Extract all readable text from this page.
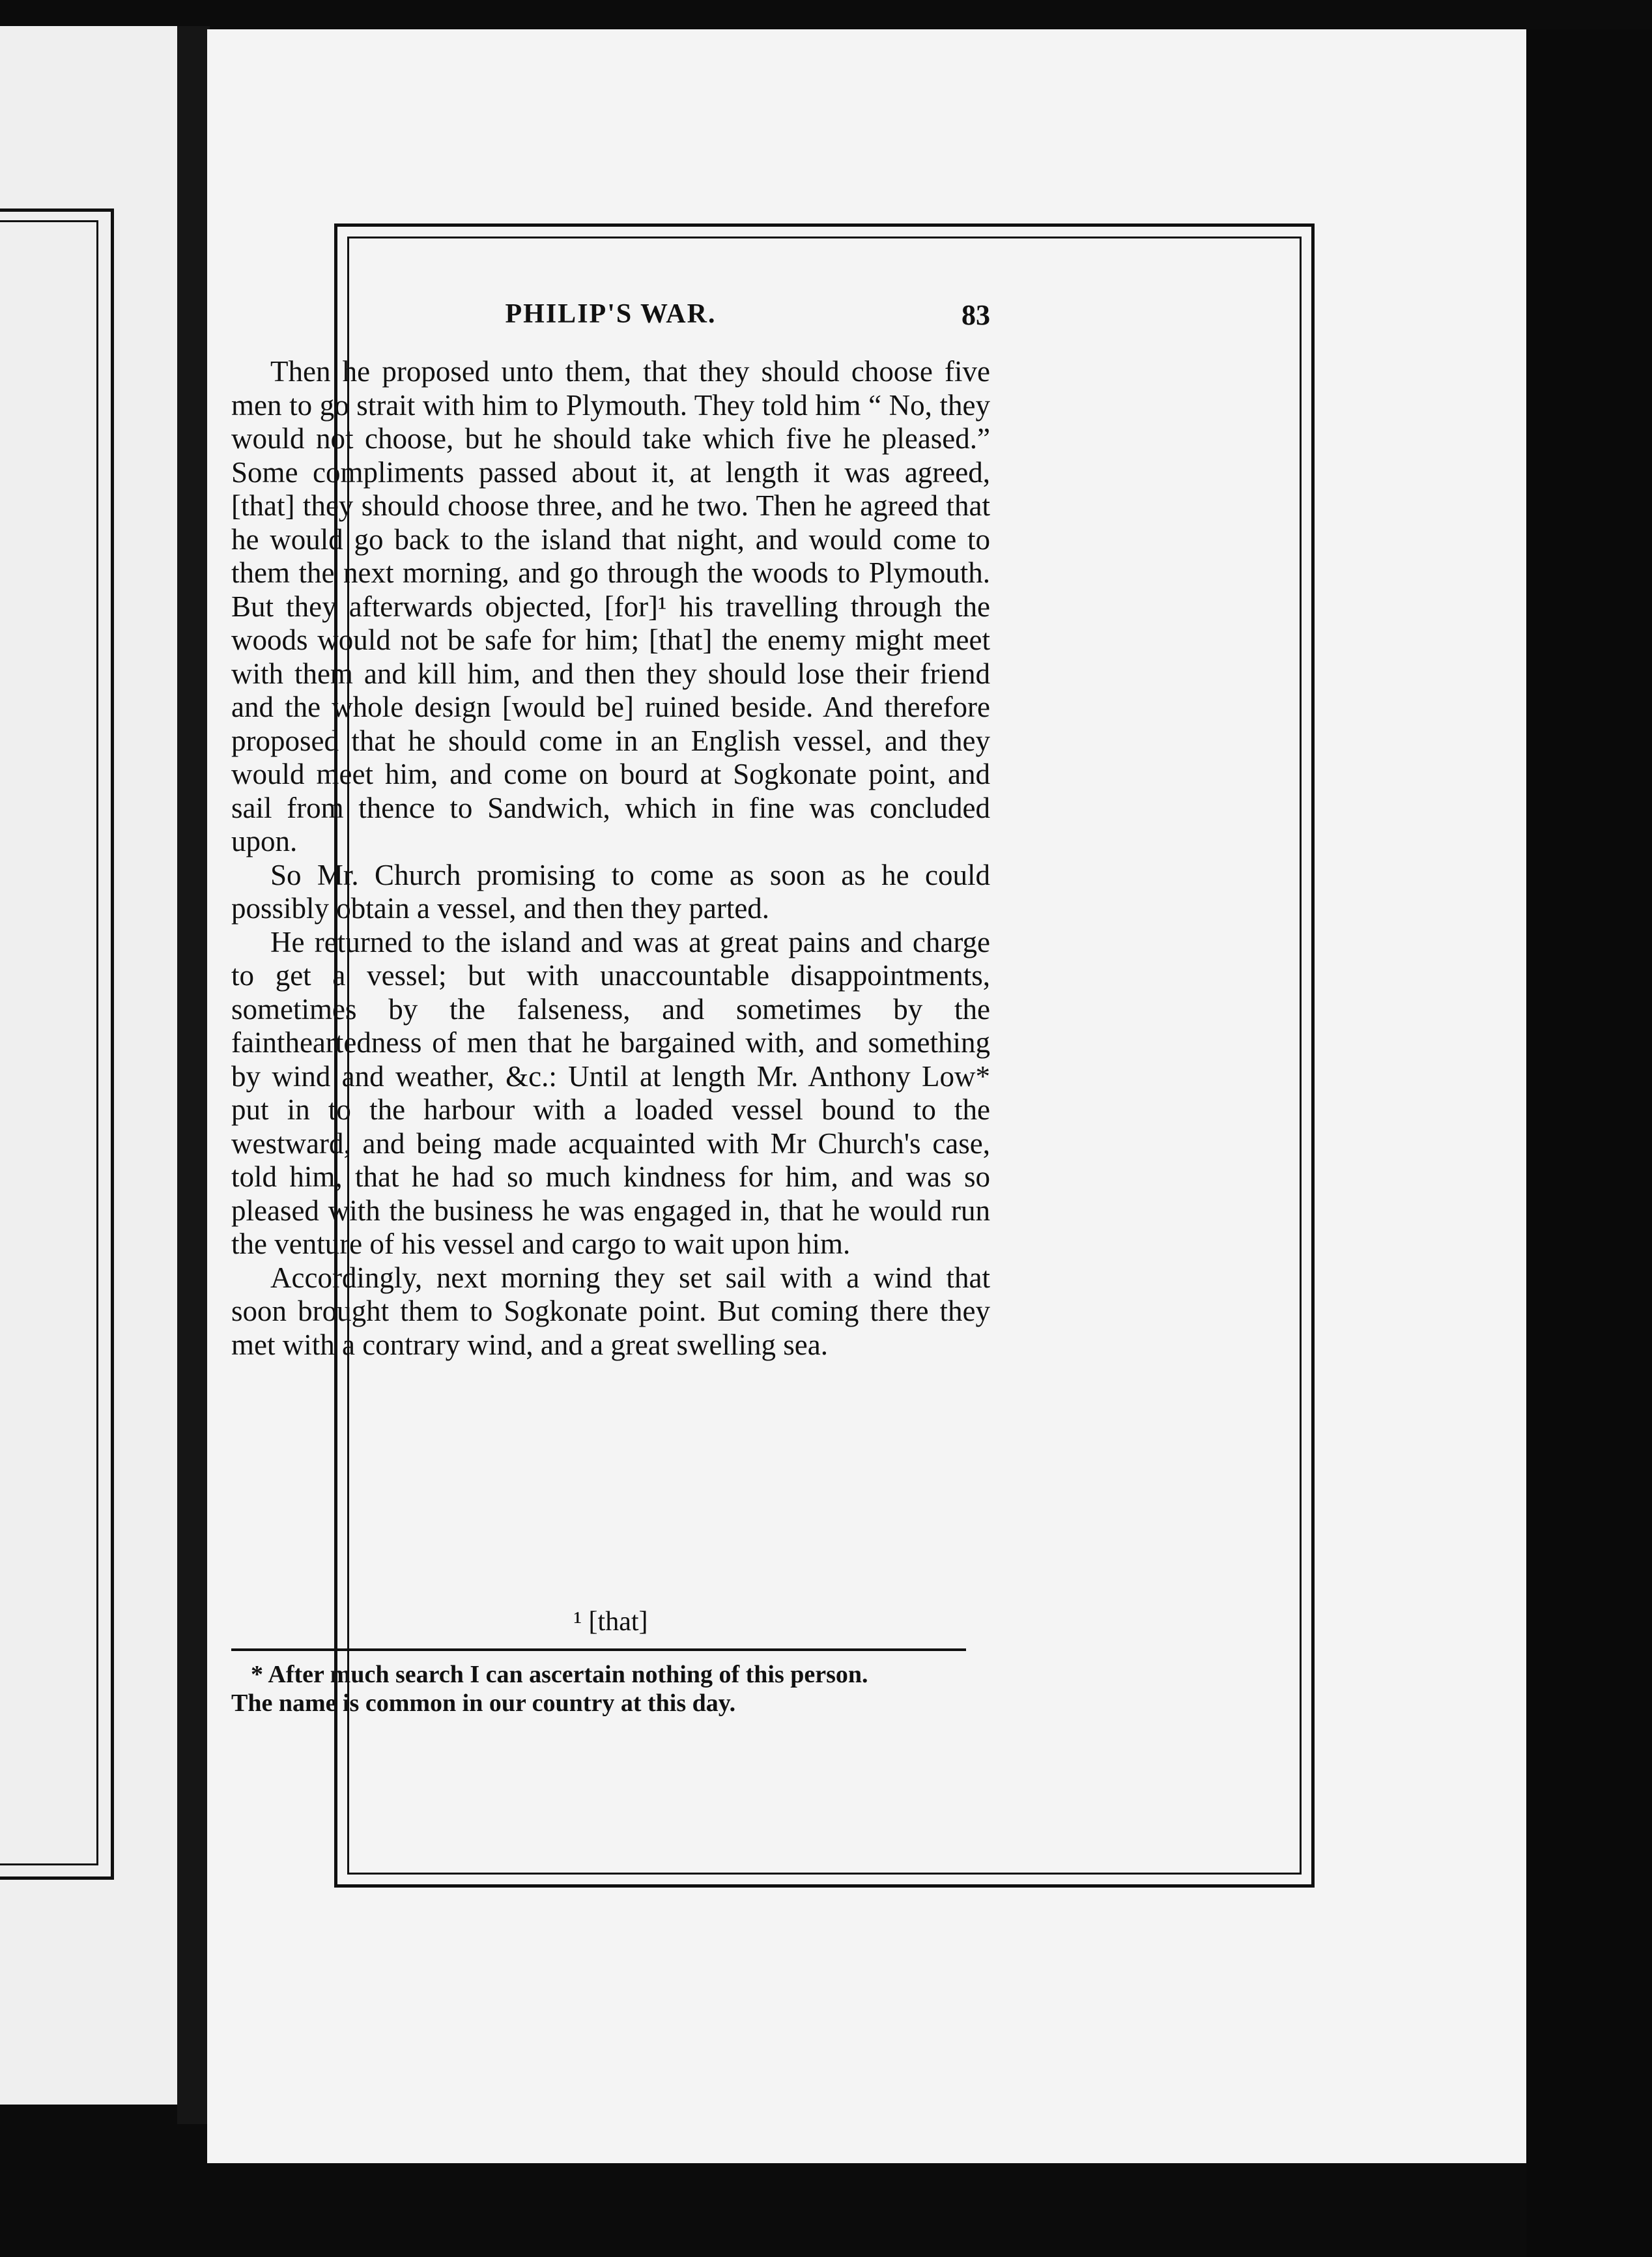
PHILIP'S WAR.	83

Then he proposed unto them, that they should choose five men to go strait with him to Plymouth. They told him “ No, they would not choose, but he should take which five he pleased.” Some compliments passed about it, at length it was agreed, [that] they should choose three, and he two. Then he agreed that he would go back to the island that night, and would come to them the next morning, and go through the woods to Plymouth. But they afterwards objected, [for]¹ his travelling through the woods would not be safe for him; [that] the enemy might meet with them and kill him, and then they should lose their friend and the whole design [would be] ruined beside. And therefore proposed that he should come in an English vessel, and they would meet him, and come on bourd at Sogkonate point, and sail from thence to Sandwich, which in fine was concluded upon.

So Mr. Church promising to come as soon as he could possibly obtain a vessel, and then they parted.

He returned to the island and was at great pains and charge to get a vessel; but with unaccountable disappointments, sometimes by the falseness, and sometimes by the faintheartedness of men that he bargained with, and something by wind and weather, &c.: Until at length Mr. Anthony Low* put in to the harbour with a loaded vessel bound to the westward, and being made acquainted with Mr Church's case, told him, that he had so much kindness for him, and was so pleased with the business he was engaged in, that he would run the venture of his vessel and cargo to wait upon him.

Accordingly, next morning they set sail with a wind that soon brought them to Sogkonate point. But coming there they met with a contrary wind, and a great swelling sea.

¹ [that]
* After much search I can ascertain nothing of this person.
The name is common in our country at this day.
